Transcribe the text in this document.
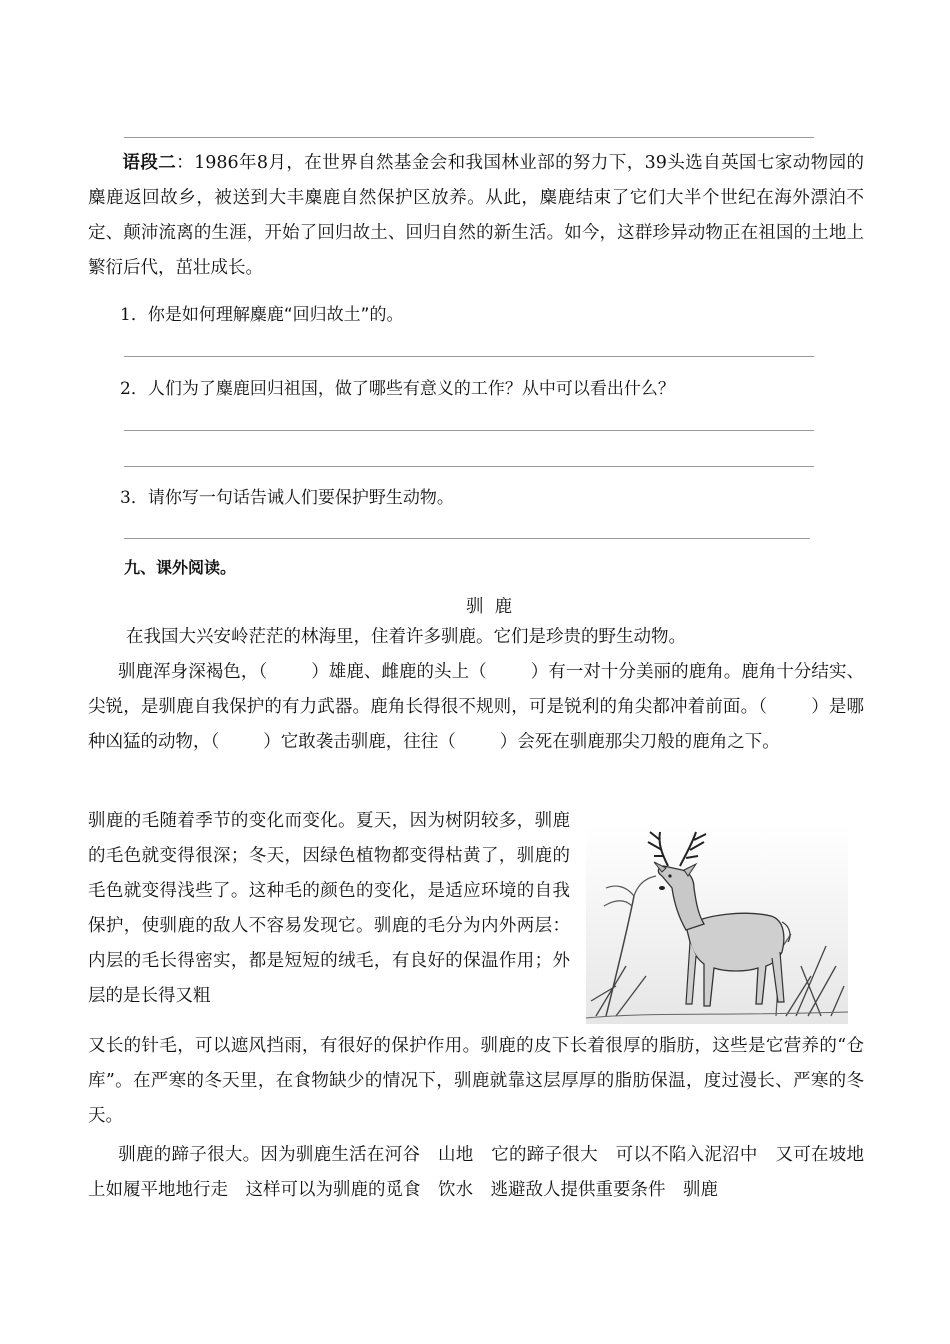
语段二：1986年8月，在世界自然基金会和我国林业部的努力下，39头选自英国七家动物园的麋鹿返回故乡，被送到大丰麋鹿自然保护区放养。从此，麋鹿结束了它们大半个世纪在海外漂泊不定、颠沛流离的生涯，开始了回归故土、回归自然的新生活。如今，这群珍异动物正在祖国的土地上繁衍后代，茁壮成长。

1．你是如何理解麋鹿“回归故土”的。
2．人们为了麋鹿回归祖国，做了哪些有意义的工作？从中可以看出什么？
3．请你写一句话告诫人们要保护野生动物。
九、课外阅读。
驯  鹿

在我国大兴安岭茫茫的林海里，住着许多驯鹿。它们是珍贵的野生动物。

驯鹿浑身深褐色，（	）雄鹿、雌鹿的头上（	）有一对十分美丽的鹿角。鹿角十分结实、尖锐，是驯鹿自我保护的有力武器。鹿角长得很不规则，可是锐利的角尖都冲着前面。（	）是哪种凶猛的动物，（	）它敢袭击驯鹿，往往（	）会死在驯鹿那尖刀般的鹿角之下。

驯鹿的毛随着季节的变化而变化。夏天，因为树阴较多，驯鹿的毛色就变得很深；冬天，因绿色植物都变得枯黄了，驯鹿的毛色就变得浅些了。这种毛的颜色的变化，是适应环境的自我保护，使驯鹿的敌人不容易发现它。驯鹿的毛分为内外两层：内层的毛长得密实，都是短短的绒毛，有良好的保温作用；外层的是长得又粗

又长的针毛，可以遮风挡雨，有很好的保护作用。驯鹿的皮下长着很厚的脂肪，这些是它营养的“仓库”。在严寒的冬天里，在食物缺少的情况下，驯鹿就靠这层厚厚的脂肪保温，度过漫长、严寒的冬天。

驯鹿的蹄子很大。因为驯鹿生活在河谷　山地　它的蹄子很大　可以不陷入泥沼中　又可在坡地上如履平地地行走　这样可以为驯鹿的觅食　饮水　逃避敌人提供重要条件　驯鹿
